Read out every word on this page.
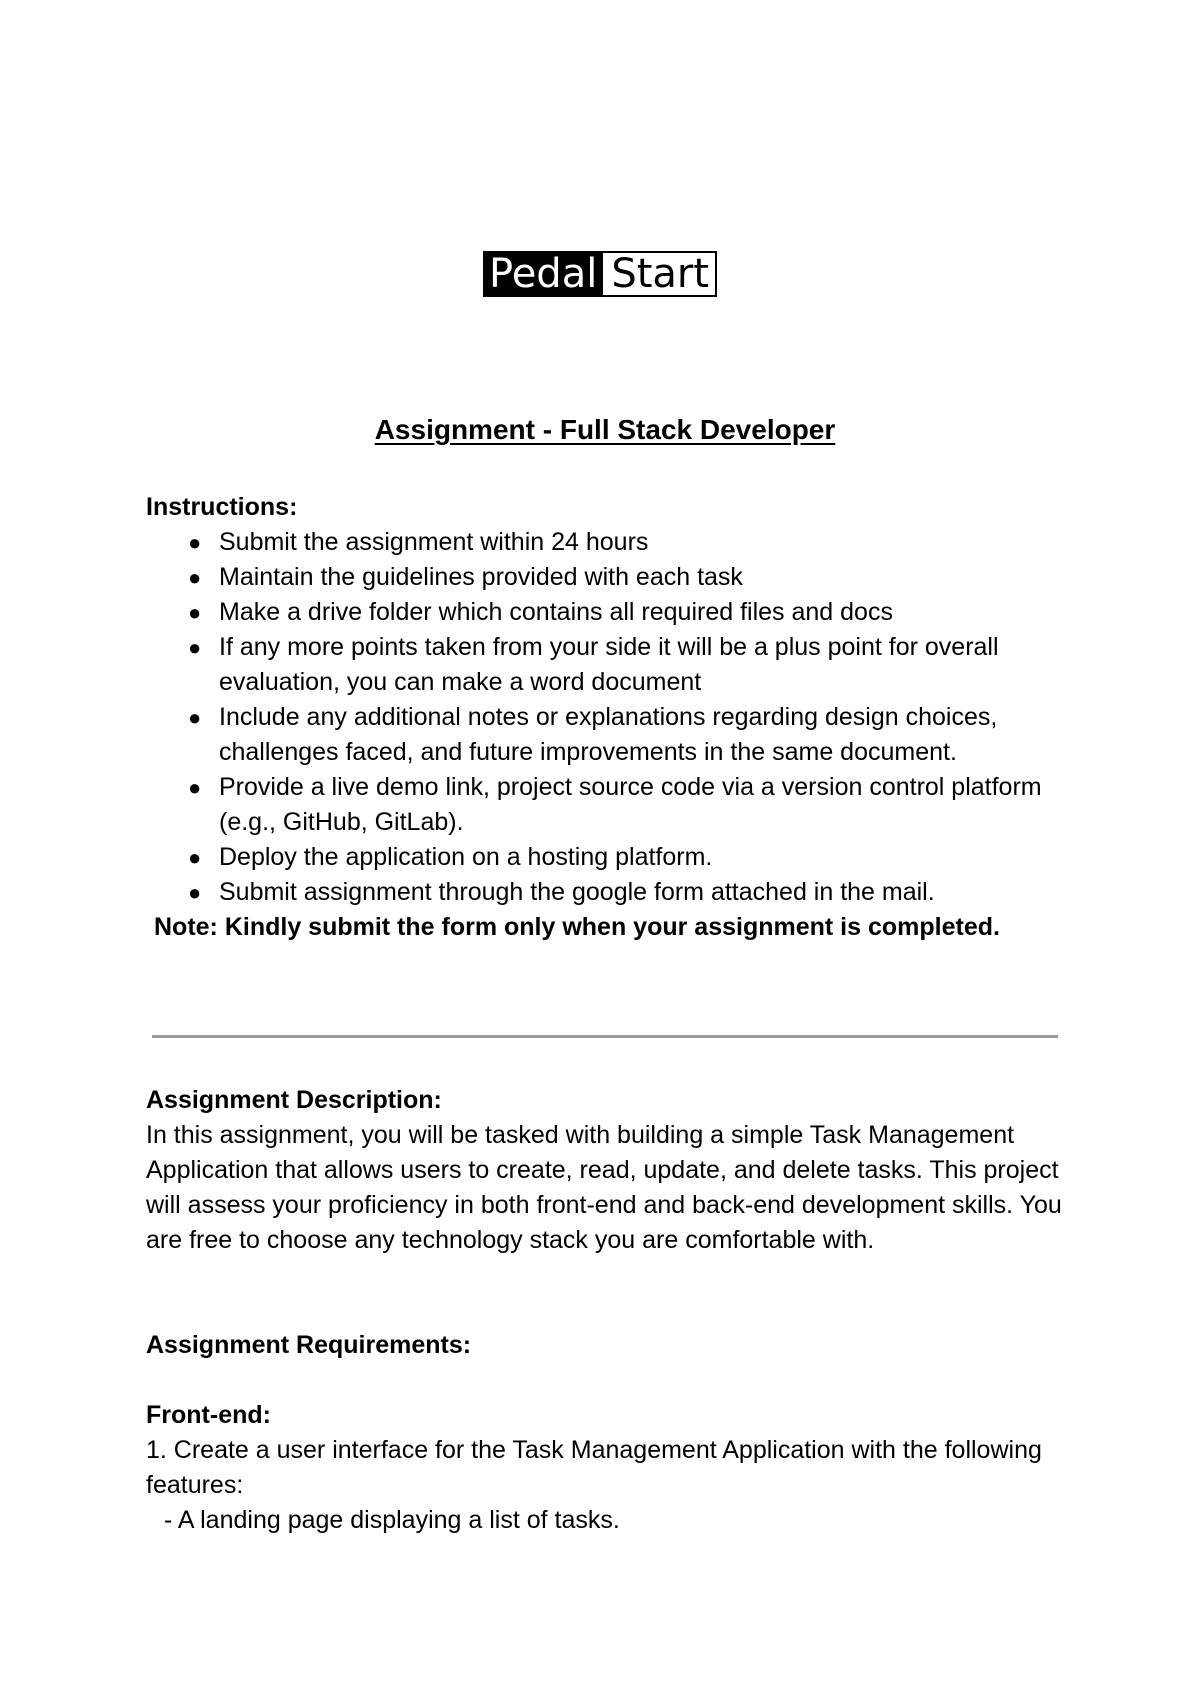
Pedal Start
Assignment - Full Stack Developer
Instructions:
● Submit the assignment within 24 hours
● Maintain the guidelines provided with each task
● Make a drive folder which contains all required files and docs
● If any more points taken from your side it will be a plus point for overall evaluation, you can make a word document
● Include any additional notes or explanations regarding design choices, challenges faced, and future improvements in the same document.
● Provide a live demo link, project source code via a version control platform (e.g., GitHub, GitLab).
● Deploy the application on a hosting platform.
● Submit assignment through the google form attached in the mail.
Note: Kindly submit the form only when your assignment is completed.
Assignment Description:

In this assignment, you will be tasked with building a simple Task Management Application that allows users to create, read, update, and delete tasks. This project will assess your proficiency in both front-end and back-end development skills. You are free to choose any technology stack you are comfortable with.

Assignment Requirements:
Front-end:

1. Create a user interface for the Task Management Application with the following features:

- A landing page displaying a list of tasks.
